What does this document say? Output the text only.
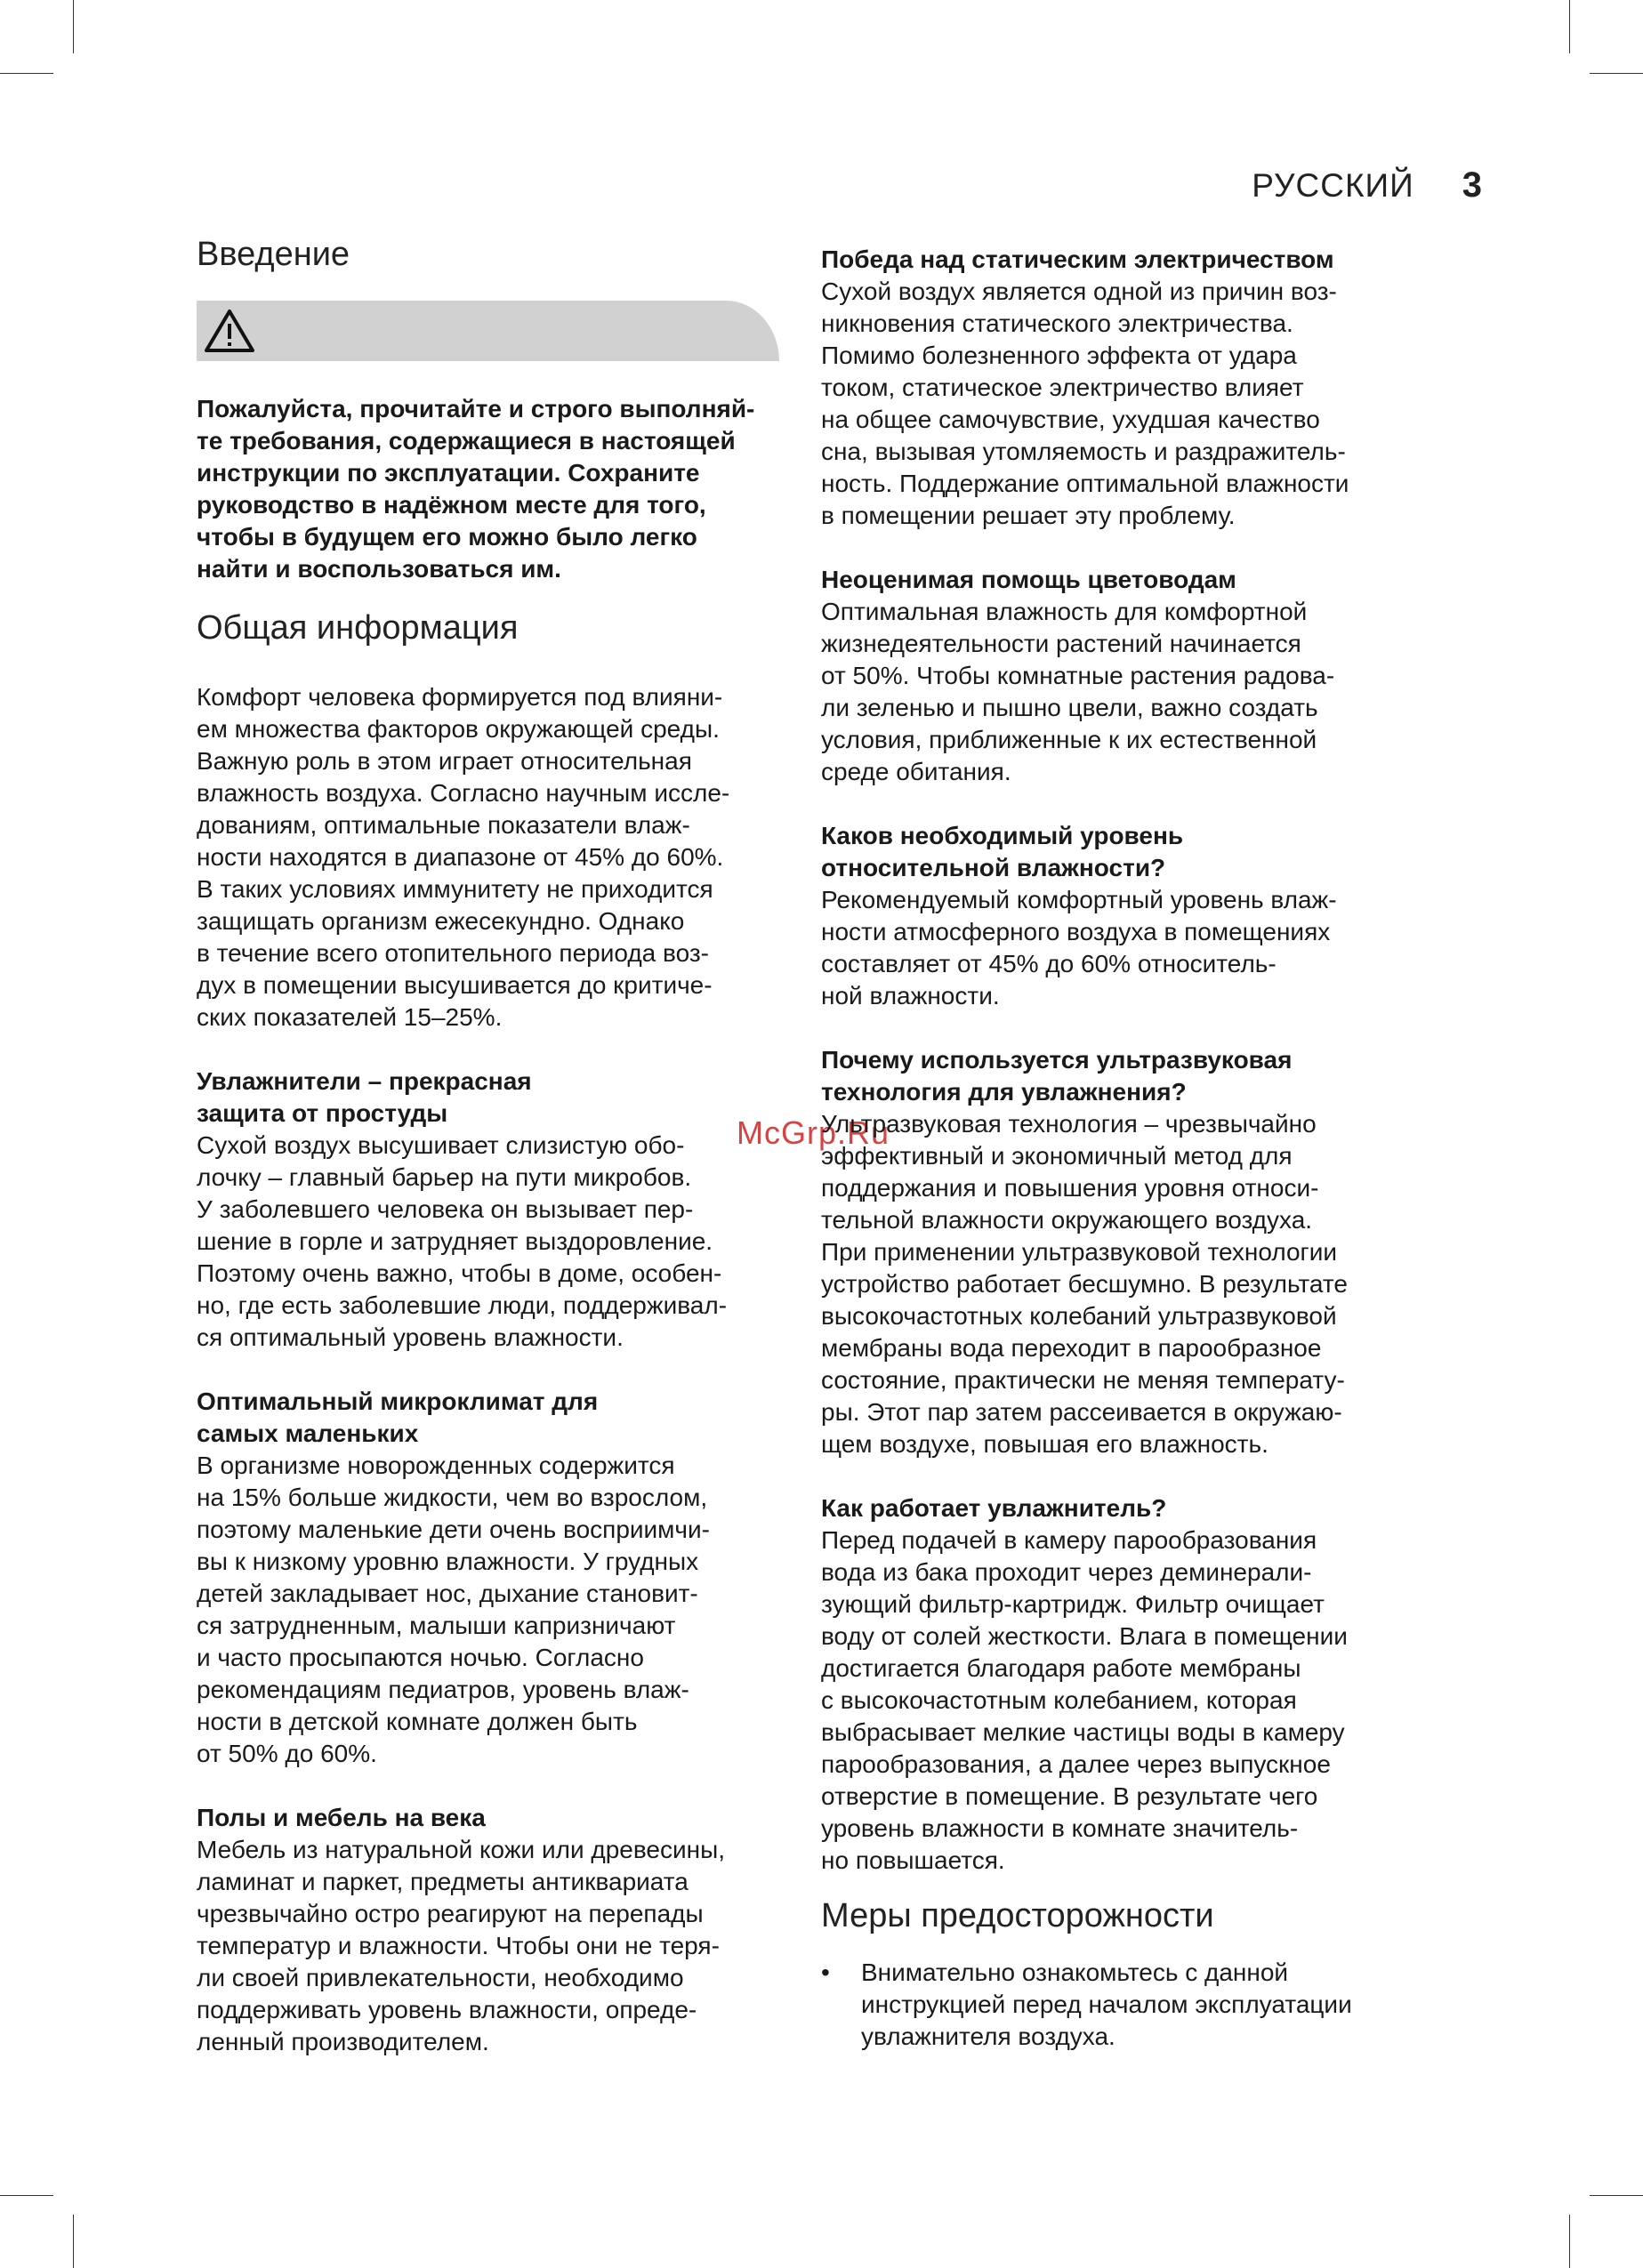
РУССКИЙ 3
McGrp.Ru
Введение

Пожалуйста, прочитайте и строго выполняй-
те требования, содержащиеся в настоящей
инструкции по эксплуатации. Сохраните
руководство в надёжном месте для того,
чтобы в будущем его можно было легко
найти и воспользоваться им.

Общая информация

Комфорт человека формируется под влияни-
ем множества факторов окружающей среды.
Важную роль в этом играет относительная
влажность воздуха. Согласно научным иссле-
дованиям, оптимальные показатели влаж-
ности находятся в диапазоне от 45% до 60%.
В таких условиях иммунитету не приходится
защищать организм ежесекундно. Однако
в течение всего отопительного периода воз-
дух в помещении высушивается до критиче-
ских показателей 15–25%.

Увлажнители – прекрасная
защита от простуды

Сухой воздух высушивает слизистую обо-
лочку – главный барьер на пути микробов.
У заболевшего человека он вызывает пер-
шение в горле и затрудняет выздоровление.
Поэтому очень важно, чтобы в доме, особен-
но, где есть заболевшие люди, поддерживал-
ся оптимальный уровень влажности.

Оптимальный микроклимат для
самых маленьких

В организме новорожденных содержится
на 15% больше жидкости, чем во взрослом,
поэтому маленькие дети очень восприимчи-
вы к низкому уровню влажности. У грудных
детей закладывает нос, дыхание становит-
ся затрудненным, малыши капризничают
и часто просыпаются ночью. Согласно
рекомендациям педиатров, уровень влаж-
ности в детской комнате должен быть
от 50% до 60%.

Полы и мебель на века

Мебель из натуральной кожи или древесины,
ламинат и паркет, предметы антиквариата
чрезвычайно остро реагируют на перепады
температур и влажности. Чтобы они не теря-
ли своей привлекательности, необходимо
поддерживать уровень влажности, опреде-
ленный производителем.

Победа над статическим электричеством

Сухой воздух является одной из причин воз-
никновения статического электричества.
Помимо болезненного эффекта от удара
током, статическое электричество влияет
на общее самочувствие, ухудшая качество
сна, вызывая утомляемость и раздражитель-
ность. Поддержание оптимальной влажности
в помещении решает эту проблему.

Неоценимая помощь цветоводам

Оптимальная влажность для комфортной
жизнедеятельности растений начинается
от 50%. Чтобы комнатные растения радова-
ли зеленью и пышно цвели, важно создать
условия, приближенные к их естественной
среде обитания.

Каков необходимый уровень
относительной влажности?

Рекомендуемый комфортный уровень влаж-
ности атмосферного воздуха в помещениях
составляет от 45% до 60% относитель-
ной влажности.

Почему используется ультразвуковая
технология для увлажнения?

Ультразвуковая технология – чрезвычайно
эффективный и экономичный метод для
поддержания и повышения уровня относи-
тельной влажности окружающего воздуха.
При применении ультразвуковой технологии
устройство работает бесшумно. В результате
высокочастотных колебаний ультразвуковой
мембраны вода переходит в парообразное
состояние, практически не меняя температу-
ры. Этот пар затем рассеивается в окружаю-
щем воздухе, повышая его влажность.

Как работает увлажнитель?

Перед подачей в камеру парообразования
вода из бака проходит через деминерали-
зующий фильтр-картридж. Фильтр очищает
воду от солей жесткости. Влага в помещении
достигается благодаря работе мембраны
с высокочастотным колебанием, которая
выбрасывает мелкие частицы воды в камеру
парообразования, а далее через выпускное
отверстие в помещение. В результате чего
уровень влажности в комнате значитель-
но повышается.

Меры предосторожности
• Внимательно ознакомьтесь с данной
инструкцией перед началом эксплуатации
увлажнителя воздуха.
